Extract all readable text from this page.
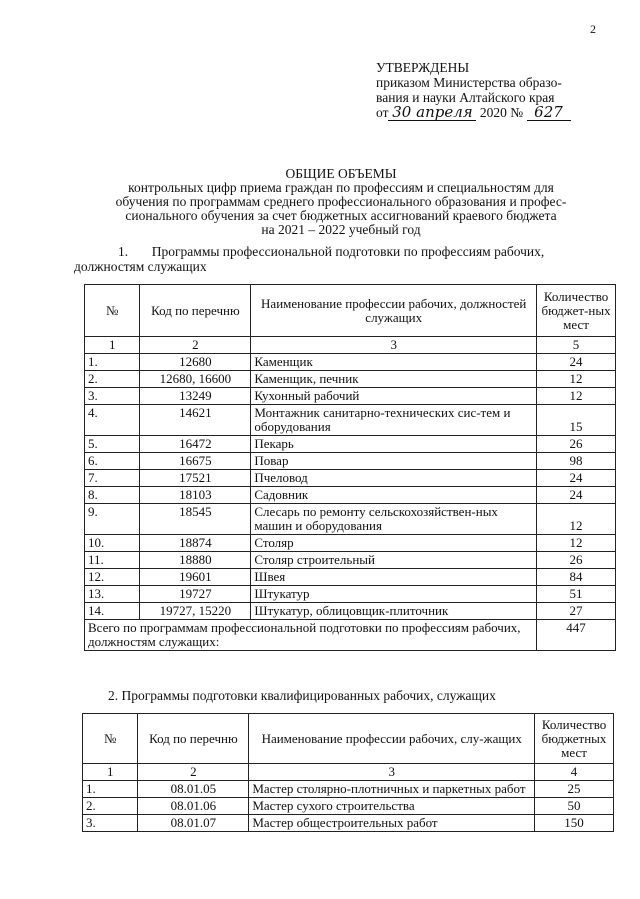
2
УТВЕРЖДЕНЫ
приказом Министерства образо-
вания и науки Алтайского края
от 30 апреля 2020 № 627
ОБЩИЕ ОБЪЕМЫ
контрольных цифр приема граждан по профессиям и специальностям для
обучения по программам среднего профессионального образования и профес-
сионального обучения за счет бюджетных ассигнований краевого бюджета
на 2021 – 2022 учебный год
1.       Программы профессиональной подготовки по профессиям рабочих,
должностям служащих
№	Код по перечню	Наименование профессии рабочих, должностей служащих	Количество бюджет-ных мест
1	2	3	5
1.	12680	Каменщик	24
2.	12680, 16600	Каменщик, печник	12
3.	13249	Кухонный рабочий	12
4.	14621	Монтажник санитарно-технических сис-тем и оборудования	15
5.	16472	Пекарь	26
6.	16675	Повар	98
7.	17521	Пчеловод	24
8.	18103	Садовник	24
9.	18545	Слесарь по ремонту сельскохозяйствен-ных машин и оборудования	12
10.	18874	Столяр	12
11.	18880	Столяр строительный	26
12.	19601	Швея	84
13.	19727	Штукатур	51
14.	19727, 15220	Штукатур, облицовщик-плиточник	27
Всего по программам профессиональной подготовки по профессиям рабочих, должностям служащих:			447
2. Программы подготовки квалифицированных рабочих, служащих
№	Код по перечню	Наименование профессии рабочих, слу-жащих	Количество бюджетных мест
1	2	3	4
1.	08.01.05	Мастер столярно-плотничных и паркетных работ	25
2.	08.01.06	Мастер сухого строительства	50
3.	08.01.07	Мастер общестроительных работ	150
